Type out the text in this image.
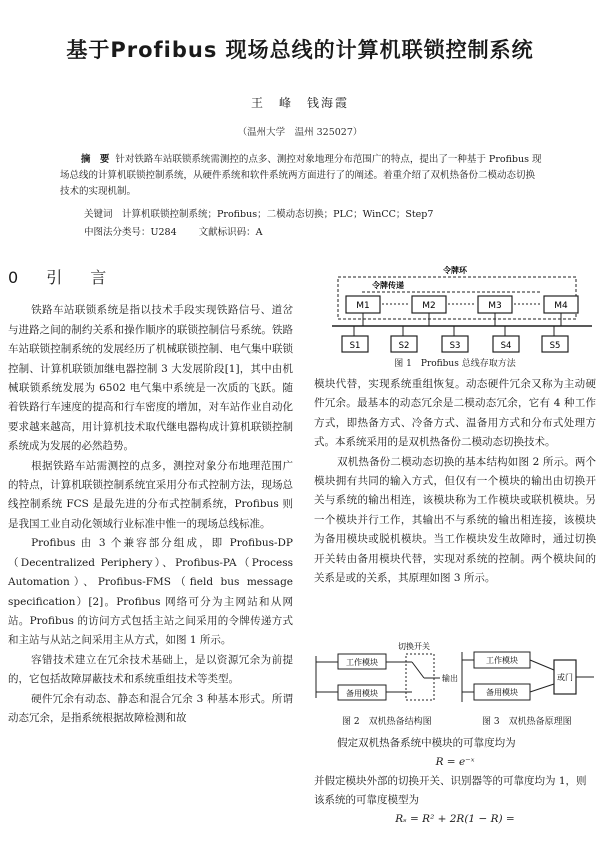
基于Profibus 现场总线的计算机联锁控制系统
王　峰　钱海霞
（温州大学　温州 325027）

摘　要 针对铁路车站联锁系统需测控的点多、测控对象地理分布范围广的特点，提出了一种基于 Profibus 现场总线的计算机联锁控制系统，从硬件系统和软件系统两方面进行了的阐述。着重介绍了双机热备份二模动态切换技术的实现机制。

关键词　 计算机联锁控制系统；Profibus；二模动态切换；PLC；WinCC；Step7
中图法分类号：U284 文献标识码：A

0　 引　言

铁路车站联锁系统是指以技术手段实现铁路信号、道岔与进路之间的制约关系和操作顺序的联锁控制信号系统。铁路车站联锁控制系统的发展经历了机械联锁控制、电气集中联锁控制、计算机联锁加继电器控制 3 大发展阶段[1]，其中由机械联锁系统发展为 6502 电气集中系统是一次质的飞跃。随着铁路行车速度的提高和行车密度的增加，对车站作业自动化要求越来越高，用计算机技术取代继电器构成计算机联锁控制系统成为发展的必然趋势。

根据铁路车站需测控的点多，测控对象分布地理范围广的特点，计算机联锁控制系统宜采用分布式控制方法，现场总线控制系统 FCS 是最先进的分布式控制系统，Profibus 则是我国工业自动化领域行业标准中惟一的现场总线标准。

Profibus 由 3 个兼容部分组成，即 Profibus-DP（Decentralized Periphery）、Profibus-PA（Process Automation）、Profibus-FMS（field bus message specification）[2]。Profibus 网络可分为主网站和从网站。Profibus 的访问方式包括主站之间采用的令牌传递方式和主站与从站之间采用主从方式，如图 1 所示。

容错技术建立在冗余技术基础上，是以资源冗余为前提的，它包括故障屏蔽技术和系统重组技术等类型。

硬件冗余有动态、静态和混合冗余 3 种基本形式。所谓动态冗余，是指系统根据故障检测和故

令牌环
令牌传递
M1	M2	M3	M4
S1	S2	S3	S4	S5
图 1　Profibus 总线存取方法

模块代替，实现系统重组恢复。动态硬件冗余又称为主动硬件冗余。最基本的动态冗余是二模动态冗余，它有 4 种工作方式，即热备方式、冷备方式、温备用方式和分布式处理方式。本系统采用的是双机热备份二模动态切换技术。

双机热备份二模动态切换的基本结构如图 2 所示。两个模块拥有共同的输入方式，但仅有一个模块的输出由切换开关与系统的输出相连，该模块称为工作模块或联机模块。另一个模块并行工作，其输出不与系统的输出相连接，该模块为备用模块或脱机模块。当工作模块发生故障时，通过切换开关转由备用模块代替，实现对系统的控制。两个模块间的关系是或的关系，其原理如图 3 所示。

切换开关
工作模块
备用模块
输出
工作模块
备用模块
或门
图 2　双机热备结构图	图 3　双机热备原理图

假定双机热备系统中模块的可靠度均为

R = e⁻ˣ

并假定模块外部的切换开关、识别器等的可靠度均为 1，则该系统的可靠度模型为

Rₛ = R² + 2R(1 − R) =
